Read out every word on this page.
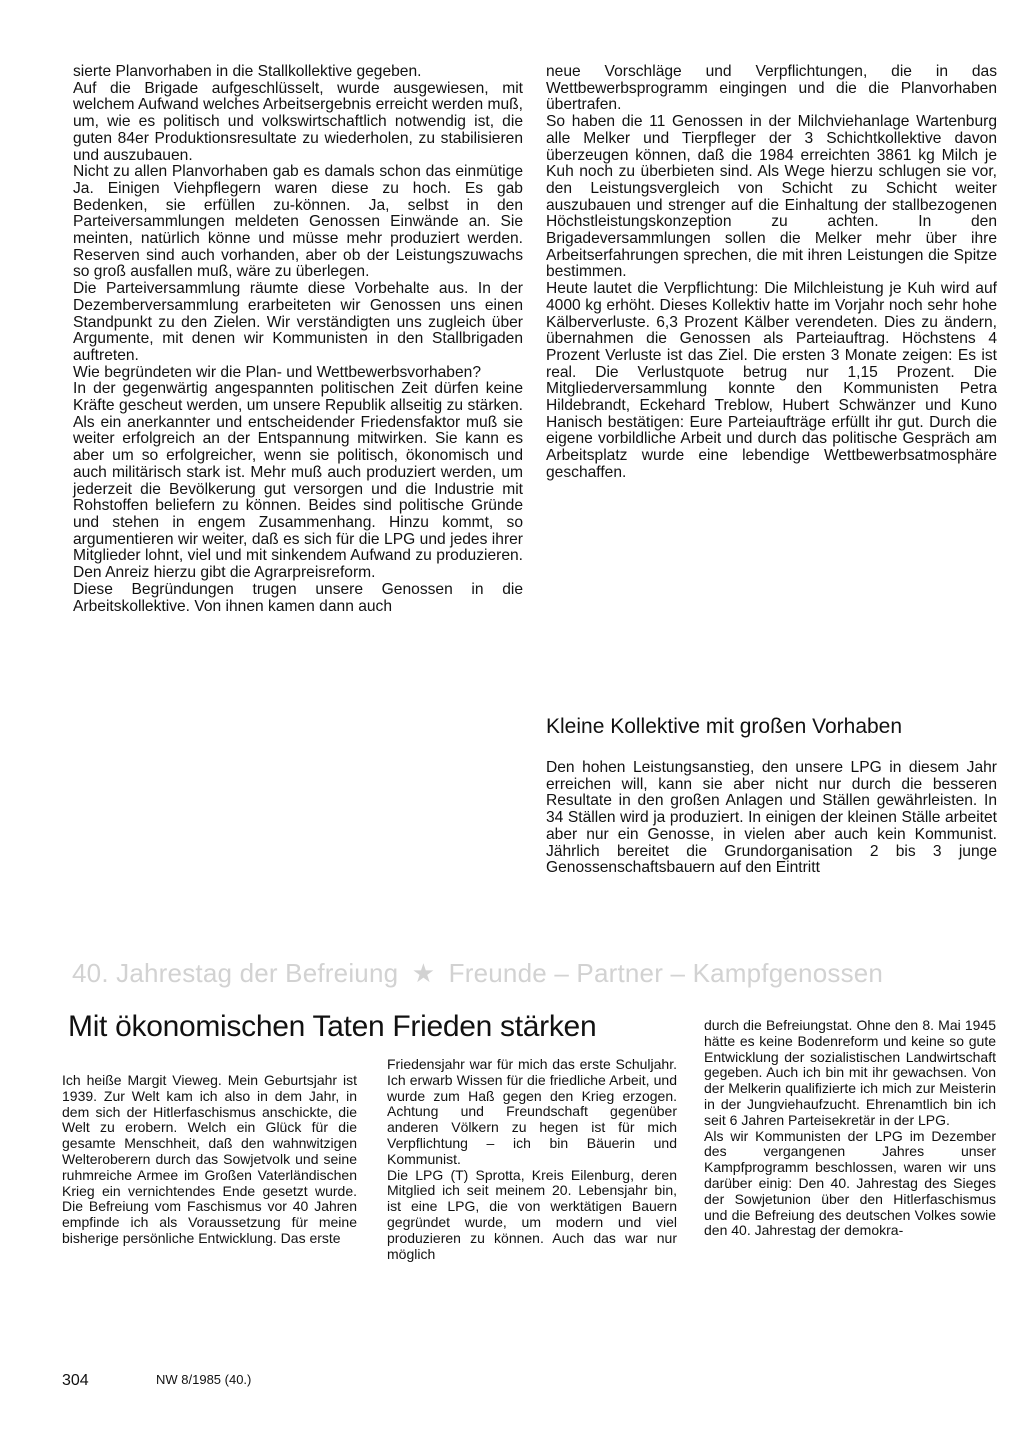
sierte Planvorhaben in die Stallkollektive gegeben.
Auf die Brigade aufgeschlüsselt, wurde ausgewiesen, mit welchem Aufwand welches Arbeitsergebnis erreicht werden muß, um, wie es politisch und volkswirtschaftlich notwendig ist, die guten 84er Produktionsresultate zu wiederholen, zu stabilisieren und auszubauen.
Nicht zu allen Planvorhaben gab es damals schon das einmütige Ja. Einigen Viehpflegern waren diese zu hoch. Es gab Bedenken, sie erfüllen zu-können. Ja, selbst in den Parteiversammlungen meldeten Genossen Einwände an. Sie meinten, natürlich könne und müsse mehr produziert werden. Reserven sind auch vorhanden, aber ob der Leistungszuwachs so groß ausfallen muß, wäre zu überlegen.
Die Parteiversammlung räumte diese Vorbehalte aus. In der Dezemberversammlung erarbeiteten wir Genossen uns einen Standpunkt zu den Zielen. Wir verständigten uns zugleich über Argumente, mit denen wir Kommunisten in den Stallbrigaden auftreten.
Wie begründeten wir die Plan- und Wettbewerbsvorhaben?
In der gegenwärtig angespannten politischen Zeit dürfen keine Kräfte gescheut werden, um unsere Republik allseitig zu stärken. Als ein anerkannter und entscheidender Friedensfaktor muß sie weiter erfolgreich an der Entspannung mitwirken. Sie kann es aber um so erfolgreicher, wenn sie politisch, ökonomisch und auch militärisch stark ist. Mehr muß auch produziert werden, um jederzeit die Bevölkerung gut versorgen und die Industrie mit Rohstoffen beliefern zu können. Beides sind politische Gründe und stehen in engem Zusammenhang. Hinzu kommt, so argumentieren wir weiter, daß es sich für die LPG und jedes ihrer Mitglieder lohnt, viel und mit sinkendem Aufwand zu produzieren. Den Anreiz hierzu gibt die Agrarpreisreform.
Diese Begründungen trugen unsere Genossen in die Arbeitskollektive. Von ihnen kamen dann auch

neue Vorschläge und Verpflichtungen, die in das Wettbewerbsprogramm eingingen und die die Planvorhaben übertrafen.
So haben die 11 Genossen in der Milchviehanlage Wartenburg alle Melker und Tierpfleger der 3 Schichtkollektive davon überzeugen können, daß die 1984 erreichten 3861 kg Milch je Kuh noch zu überbieten sind. Als Wege hierzu schlugen sie vor, den Leistungsvergleich von Schicht zu Schicht weiter auszubauen und strenger auf die Einhaltung der stallbezogenen Höchstleistungskonzeption zu achten. In den Brigadeversammlungen sollen die Melker mehr über ihre Arbeitserfahrungen sprechen, die mit ihren Leistungen die Spitze bestimmen.
Heute lautet die Verpflichtung: Die Milchleistung je Kuh wird auf 4000 kg erhöht. Dieses Kollektiv hatte im Vorjahr noch sehr hohe Kälberverluste. 6,3 Prozent Kälber verendeten. Dies zu ändern, übernahmen die Genossen als Parteiauftrag. Höchstens 4 Prozent Verluste ist das Ziel. Die ersten 3 Monate zeigen: Es ist real. Die Verlustquote betrug nur 1,15 Prozent. Die Mitgliederversammlung konnte den Kommunisten Petra Hildebrandt, Eckehard Treblow, Hubert Schwänzer und Kuno Hanisch bestätigen: Eure Parteiaufträge erfüllt ihr gut. Durch die eigene vorbildliche Arbeit und durch das politische Gespräch am Arbeitsplatz wurde eine lebendige Wettbewerbsatmosphäre geschaffen.

Kleine Kollektive mit großen Vorhaben

Den hohen Leistungsanstieg, den unsere LPG in diesem Jahr erreichen will, kann sie aber nicht nur durch die besseren Resultate in den großen Anlagen und Ställen gewährleisten. In 34 Ställen wird ja produziert. In einigen der kleinen Ställe arbeitet aber nur ein Genosse, in vielen aber auch kein Kommunist. Jährlich bereitet die Grundorganisation 2 bis 3 junge Genossenschaftsbauern auf den Eintritt

40. Jahrestag der Befreiung ★ Freunde – Partner – Kampfgenossen
Mit ökonomischen Taten Frieden stärken

Ich heiße Margit Vieweg. Mein Geburtsjahr ist 1939. Zur Welt kam ich also in dem Jahr, in dem sich der Hitlerfaschismus anschickte, die Welt zu erobern. Welch ein Glück für die gesamte Menschheit, daß den wahnwitzigen Welteroberern durch das Sowjetvolk und seine ruhmreiche Armee im Großen Vaterländischen Krieg ein vernichtendes Ende gesetzt wurde. Die Befreiung vom Faschismus vor 40 Jahren empfinde ich als Voraussetzung für meine bisherige persönliche Entwicklung. Das erste

Friedensjahr war für mich das erste Schuljahr. Ich erwarb Wissen für die friedliche Arbeit, und wurde zum Haß gegen den Krieg erzogen. Achtung und Freundschaft gegenüber anderen Völkern zu hegen ist für mich Verpflichtung – ich bin Bäuerin und Kommunist.
Die LPG (T) Sprotta, Kreis Eilenburg, deren Mitglied ich seit meinem 20. Lebensjahr bin, ist eine LPG, die von werktätigen Bauern gegründet wurde, um modern und viel produzieren zu können. Auch das war nur möglich

durch die Befreiungstat. Ohne den 8. Mai 1945 hätte es keine Bodenreform und keine so gute Entwicklung der sozialistischen Landwirtschaft gegeben. Auch ich bin mit ihr gewachsen. Von der Melkerin qualifizierte ich mich zur Meisterin in der Jungviehaufzucht. Ehrenamtlich bin ich seit 6 Jahren Parteisekretär in der LPG.
Als wir Kommunisten der LPG im Dezember des vergangenen Jahres unser Kampfprogramm beschlossen, waren wir uns darüber einig: Den 40. Jahrestag des Sieges der Sowjetunion über den Hitlerfaschismus und die Befreiung des deutschen Volkes sowie den 40. Jahrestag der demokra-

304	NW 8/1985 (40.)
